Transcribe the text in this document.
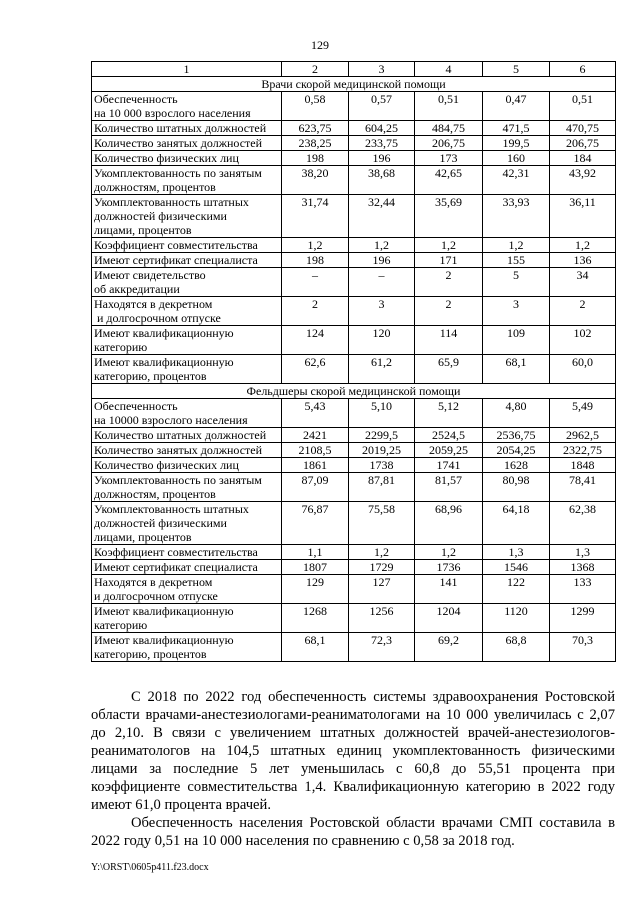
129
1	2	3	4	5	6
Врачи скорой медицинской помощи					

Обеспеченность
на 10 000 взрослого населения	0,58	0,57	0,51	0,47	0,51

Количество штатных должностей	623,75	604,25	484,75	471,5	470,75

Количество занятых должностей	238,25	233,75	206,75	199,5	206,75

Количество физических лиц	198	196	173	160	184

Укомплектованность по занятым
должностям, процентов	38,20	38,68	42,65	42,31	43,92

Укомплектованность штатных
должностей физическими
лицами, процентов	31,74	32,44	35,69	33,93	36,11

Коэффициент совместительства	1,2	1,2	1,2	1,2	1,2

Имеют сертификат специалиста	198	196	171	155	136

Имеют свидетельство
об аккредитации	–	–	2	5	34

Находятся в декретном
и долгосрочном отпуске	2	3	2	3	2

Имеют квалификационную
категорию	124	120	114	109	102

Имеют квалификационную
категорию, процентов	62,6	61,2	65,9	68,1	60,0
Фельдшеры скорой медицинской помощи					

Обеспеченность
на 10000 взрослого населения	5,43	5,10	5,12	4,80	5,49

Количество штатных должностей	2421	2299,5	2524,5	2536,75	2962,5

Количество занятых должностей	2108,5	2019,25	2059,25	2054,25	2322,75

Количество физических лиц	1861	1738	1741	1628	1848

Укомплектованность по занятым
должностям, процентов	87,09	87,81	81,57	80,98	78,41

Укомплектованность штатных
должностей физическими
лицами, процентов	76,87	75,58	68,96	64,18	62,38

Коэффициент совместительства	1,1	1,2	1,2	1,3	1,3

Имеют сертификат специалиста	1807	1729	1736	1546	1368

Находятся в декретном
и долгосрочном отпуске	129	127	141	122	133

Имеют квалификационную
категорию	1268	1256	1204	1120	1299

Имеют квалификационную
категорию, процентов	68,1	72,3	69,2	68,8	70,3

С 2018 по 2022 год обеспеченность системы здравоохранения Ростовской области врачами-анестезиологами-реаниматологами на 10 000 увеличилась с 2,07 до 2,10. В связи с увеличением штатных должностей врачей-анестезиологов-реаниматологов на 104,5 штатных единиц укомплектованность физическими лицами за последние 5 лет уменьшилась с 60,8 до 55,51 процента при коэффициенте совместительства 1,4. Квалификационную категорию в 2022 году имеют 61,0 процента врачей.

Обеспеченность населения Ростовской области врачами СМП составила в 2022 году 0,51 на 10 000 населения по сравнению с 0,58 за 2018 год.

Y:\ORST\0605p411.f23.docx
